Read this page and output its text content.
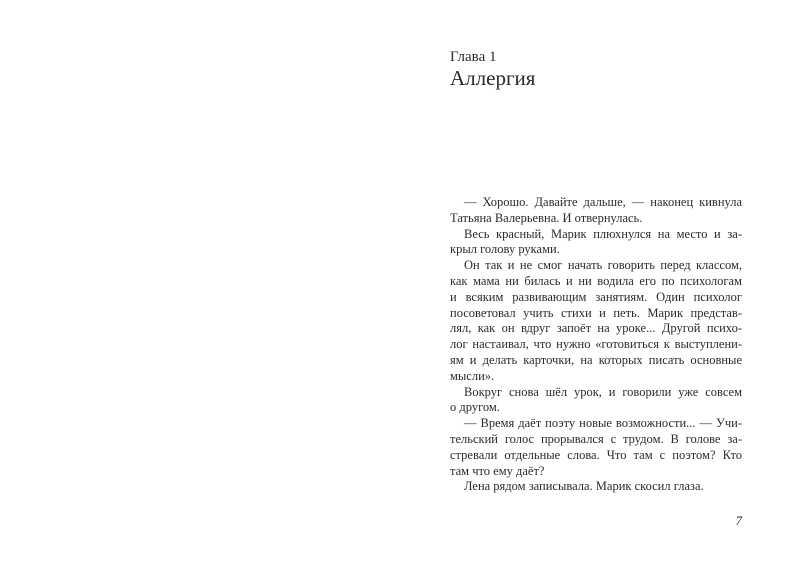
Глава 1
Аллергия
— Хорошо. Давайте дальше, — наконец кивнула
Татьяна Валерьевна. И отвернулась.
Весь красный, Марик плюхнулся на место и за-
крыл голову руками.
Он так и не смог начать говорить перед классом,
как мама ни билась и ни водила его по психологам
и всяким развивающим занятиям. Один психолог
посоветовал учить стихи и петь. Марик представ-
лял, как он вдруг запоёт на уроке... Другой психо-
лог настаивал, что нужно «готовиться к выступлени-
ям и делать карточки, на которых писать основные
мысли».
Вокруг снова шёл урок, и говорили уже совсем
о другом.
— Время даёт поэту новые возможности... — Учи-
тельский голос прорывался с трудом. В голове за-
стревали отдельные слова. Что там с поэтом? Кто
там что ему даёт?
Лена рядом записывала. Марик скосил глаза.
7
